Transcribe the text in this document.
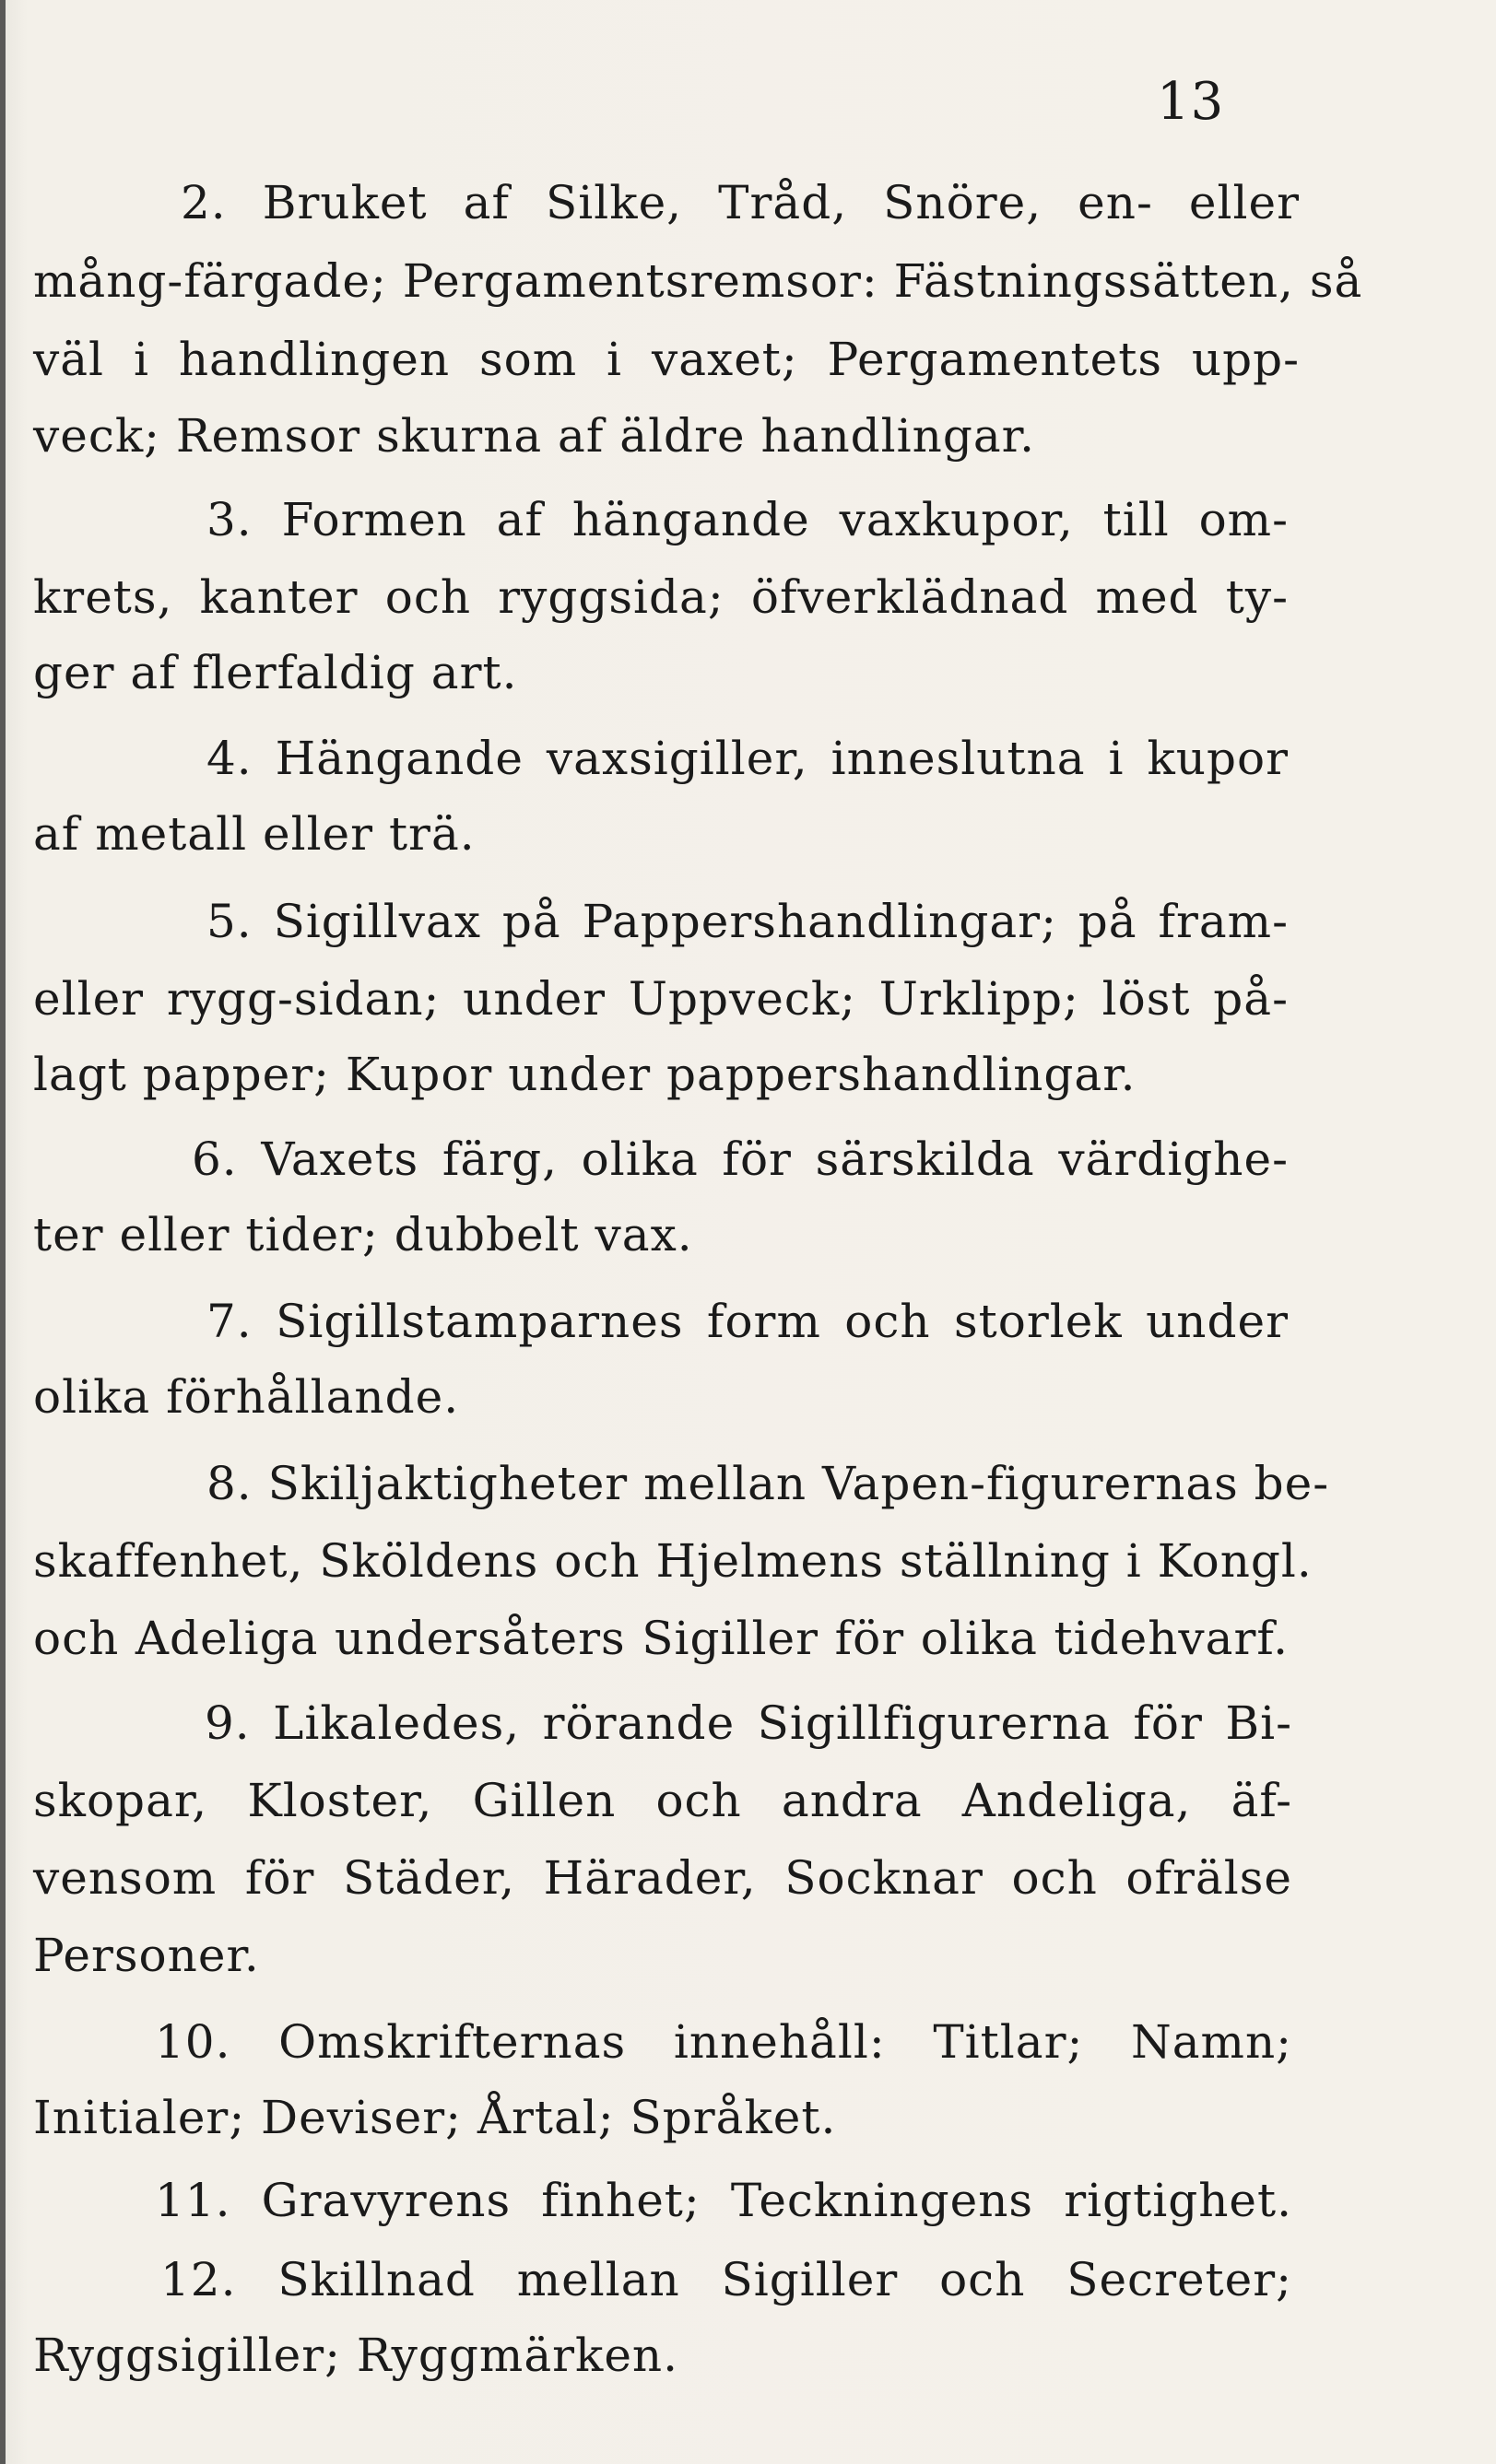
13
2. Bruket af Silke, Tråd, Snöre, en- eller
mång-färgade; Pergamentsremsor: Fästningssätten, så
väl i handlingen som i vaxet; Pergamentets upp-
veck; Remsor skurna af äldre handlingar.
3. Formen af hängande vaxkupor, till om-
krets, kanter och ryggsida; öfverklädnad med ty-
ger af flerfaldig art.
4. Hängande vaxsigiller, inneslutna i kupor
af metall eller trä.
5. Sigillvax på Pappershandlingar; på fram-
eller rygg-sidan; under Uppveck; Urklipp; löst på-
lagt papper; Kupor under pappershandlingar.
6. Vaxets färg, olika för särskilda värdighe-
ter eller tider; dubbelt vax.
7. Sigillstamparnes form och storlek under
olika förhållande.
8. Skiljaktigheter mellan Vapen-figurernas be-
skaffenhet, Sköldens och Hjelmens ställning i Kongl.
och Adeliga undersåters Sigiller för olika tidehvarf.
9. Likaledes, rörande Sigillfigurerna för Bi-
skopar, Kloster, Gillen och andra Andeliga, äf-
vensom för Städer, Härader, Socknar och ofrälse
Personer.
10. Omskrifternas innehåll: Titlar; Namn;
Initialer; Deviser; Årtal; Språket.
11. Gravyrens finhet; Teckningens rigtighet.
12. Skillnad mellan Sigiller och Secreter;
Ryggsigiller; Ryggmärken.
